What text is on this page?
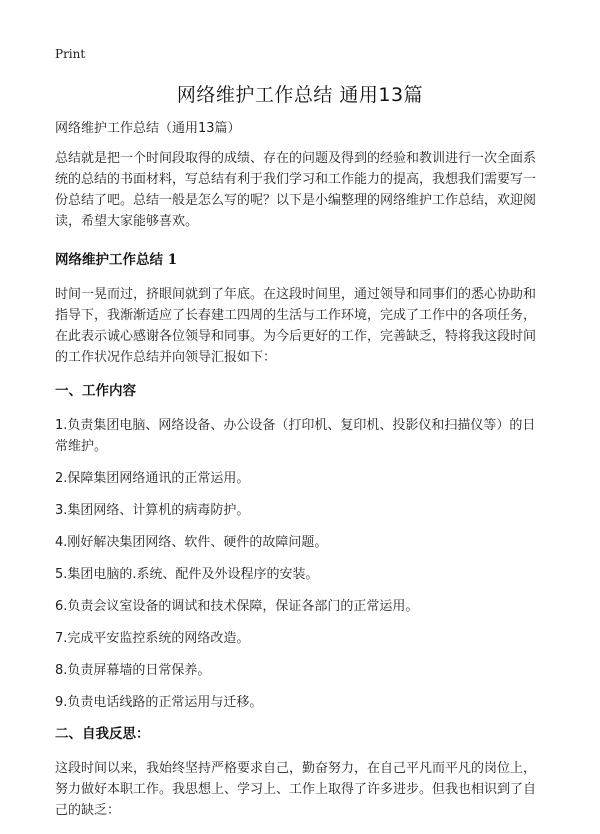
Print
网络维护工作总结 通用13篇

网络维护工作总结（通用13篇）

总结就是把一个时间段取得的成绩、存在的问题及得到的经验和教训进行一次全面系统的总结的书面材料，写总结有利于我们学习和工作能力的提高，我想我们需要写一份总结了吧。总结一般是怎么写的呢？以下是小编整理的网络维护工作总结，欢迎阅读，希望大家能够喜欢。

网络维护工作总结 1

时间一晃而过，挤眼间就到了年底。在这段时间里，通过领导和同事们的悉心协助和指导下，我渐渐适应了长春建工四周的生活与工作环境，完成了工作中的各项任务，在此表示诚心感谢各位领导和同事。为今后更好的工作，完善缺乏，特将我这段时间的工作状况作总结并向领导汇报如下：

一、工作内容

1.负责集团电脑、网络设备、办公设备（打印机、复印机、投影仪和扫描仪等）的日常维护。

2.保障集团网络通讯的正常运用。

3.集团网络、计算机的病毒防护。

4.刚好解决集团网络、软件、硬件的故障问题。

5.集团电脑的.系统、配件及外设程序的安装。

6.负责会议室设备的调试和技术保障，保证各部门的正常运用。

7.完成平安监控系统的网络改造。

8.负责屏幕墙的日常保养。

9.负责电话线路的正常运用与迁移。

二、自我反思：

这段时间以来，我始终坚持严格要求自己，勤奋努力，在自己平凡而平凡的岗位上，努力做好本职工作。我思想上、学习上、工作上取得了许多进步。但我也相识到了自己的缺乏：
